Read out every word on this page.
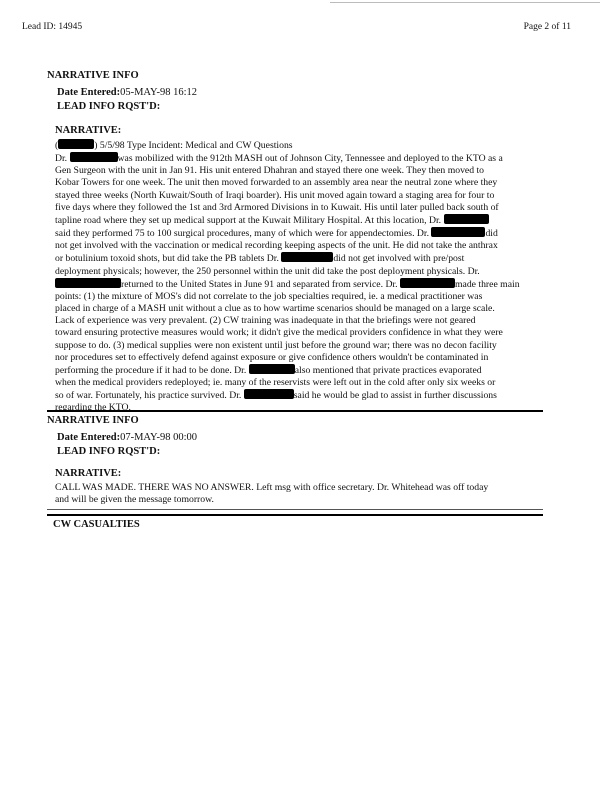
Lead ID: 14945	Page 2 of 11
NARRATIVE INFO
Date Entered:05-MAY-98 16:12
LEAD INFO RQST'D:
NARRATIVE:

(	) 5/5/98 Type Incident: Medical and CW Questions

Dr.	was mobilized with the 912th MASH out of Johnson City, Tennessee and deployed to the KTO as a

Gen Surgeon with the unit in Jan 91. His unit entered Dhahran and stayed there one week. They then moved to

Kobar Towers for one week. The unit then moved forwarded to an assembly area near the neutral zone where they

stayed three weeks (North Kuwait/South of Iraqi boarder). His unit moved again toward a staging area for four to

five days where they followed the 1st and 3rd Armored Divisions in to Kuwait. His until later pulled back south of

tapline road where they set up medical support at the Kuwait Military Hospital. At this location, Dr.

said they performed 75 to 100 surgical procedures, many of which were for appendectomies. Dr.	did

not get involved with the vaccination or medical recording keeping aspects of the unit. He did not take the anthrax

or botulinium toxoid shots, but did take the PB tablets Dr.	did not get involved with pre/post

deployment physicals; however, the 250 personnel within the unit did take the post deployment physicals. Dr.

returned to the United States in June 91 and separated from service. Dr.	made three main

points: (1) the mixture of MOS's did not correlate to the job specialties required, ie. a medical practitioner was

placed in charge of a MASH unit without a clue as to how wartime scenarios should be managed on a large scale.

Lack of experience was very prevalent. (2) CW training was inadequate in that the briefings were not geared

toward ensuring protective measures would work; it didn't give the medical providers confidence in what they were

suppose to do. (3) medical supplies were non existent until just before the ground war; there was no decon facility

nor procedures set to effectively defend against exposure or give confidence others wouldn't be contaminated in

performing the procedure if it had to be done. Dr.	also mentioned that private practices evaporated

when the medical providers redeployed; ie. many of the reservists were left out in the cold after only six weeks or

so of war. Fortunately, his practice survived. Dr.	said he would be glad to assist in further discussions

regarding the KTO.

NARRATIVE INFO
Date Entered:07-MAY-98 00:00
LEAD INFO RQST'D:
NARRATIVE:

CALL WAS MADE. THERE WAS NO ANSWER. Left msg with office secretary. Dr. Whitehead was off today

and will be given the message tomorrow.

CW CASUALTIES
